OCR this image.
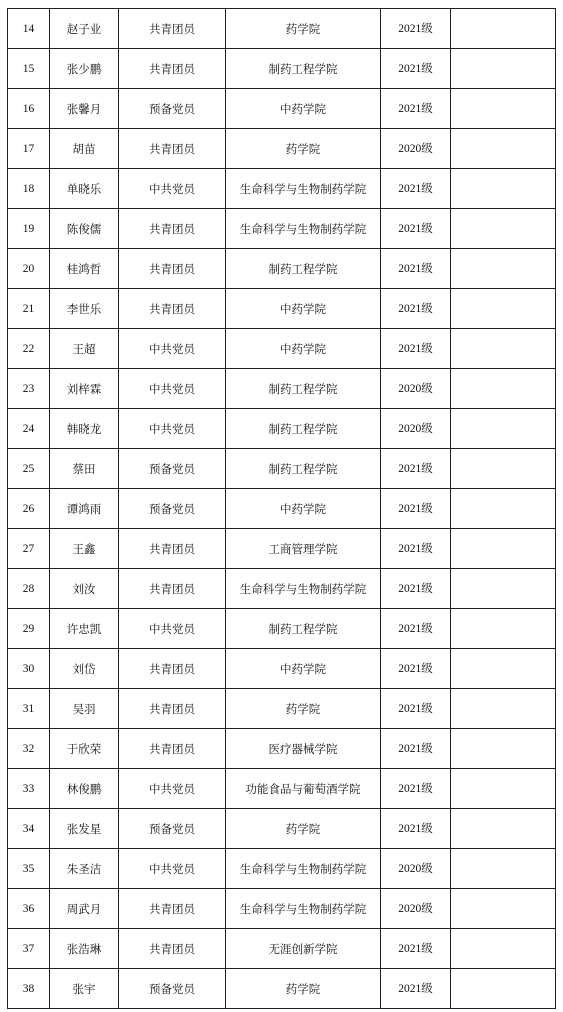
14	赵子业	共青团员	药学院	2021级	
15	张少鹏	共青团员	制药工程学院	2021级	
16	张馨月	预备党员	中药学院	2021级	
17	胡苗	共青团员	药学院	2020级	
18	单晓乐	中共党员	生命科学与生物制药学院	2021级	
19	陈俊儒	共青团员	生命科学与生物制药学院	2021级	
20	桂鸿哲	共青团员	制药工程学院	2021级	
21	李世乐	共青团员	中药学院	2021级	
22	王超	中共党员	中药学院	2021级	
23	刘梓霖	中共党员	制药工程学院	2020级	
24	韩晓龙	中共党员	制药工程学院	2020级	
25	蔡田	预备党员	制药工程学院	2021级	
26	谭鸿雨	预备党员	中药学院	2021级	
27	王鑫	共青团员	工商管理学院	2021级	
28	刘汝	共青团员	生命科学与生物制药学院	2021级	
29	许忠凯	中共党员	制药工程学院	2021级	
30	刘岱	共青团员	中药学院	2021级	
31	吴羽	共青团员	药学院	2021级	
32	于欣荣	共青团员	医疗器械学院	2021级	
33	林俊鹏	中共党员	功能食品与葡萄酒学院	2021级	
34	张发星	预备党员	药学院	2021级	
35	朱圣洁	中共党员	生命科学与生物制药学院	2020级	
36	周武月	共青团员	生命科学与生物制药学院	2020级	
37	张浩琳	共青团员	无涯创新学院	2021级	
38	张宇	预备党员	药学院	2021级	
